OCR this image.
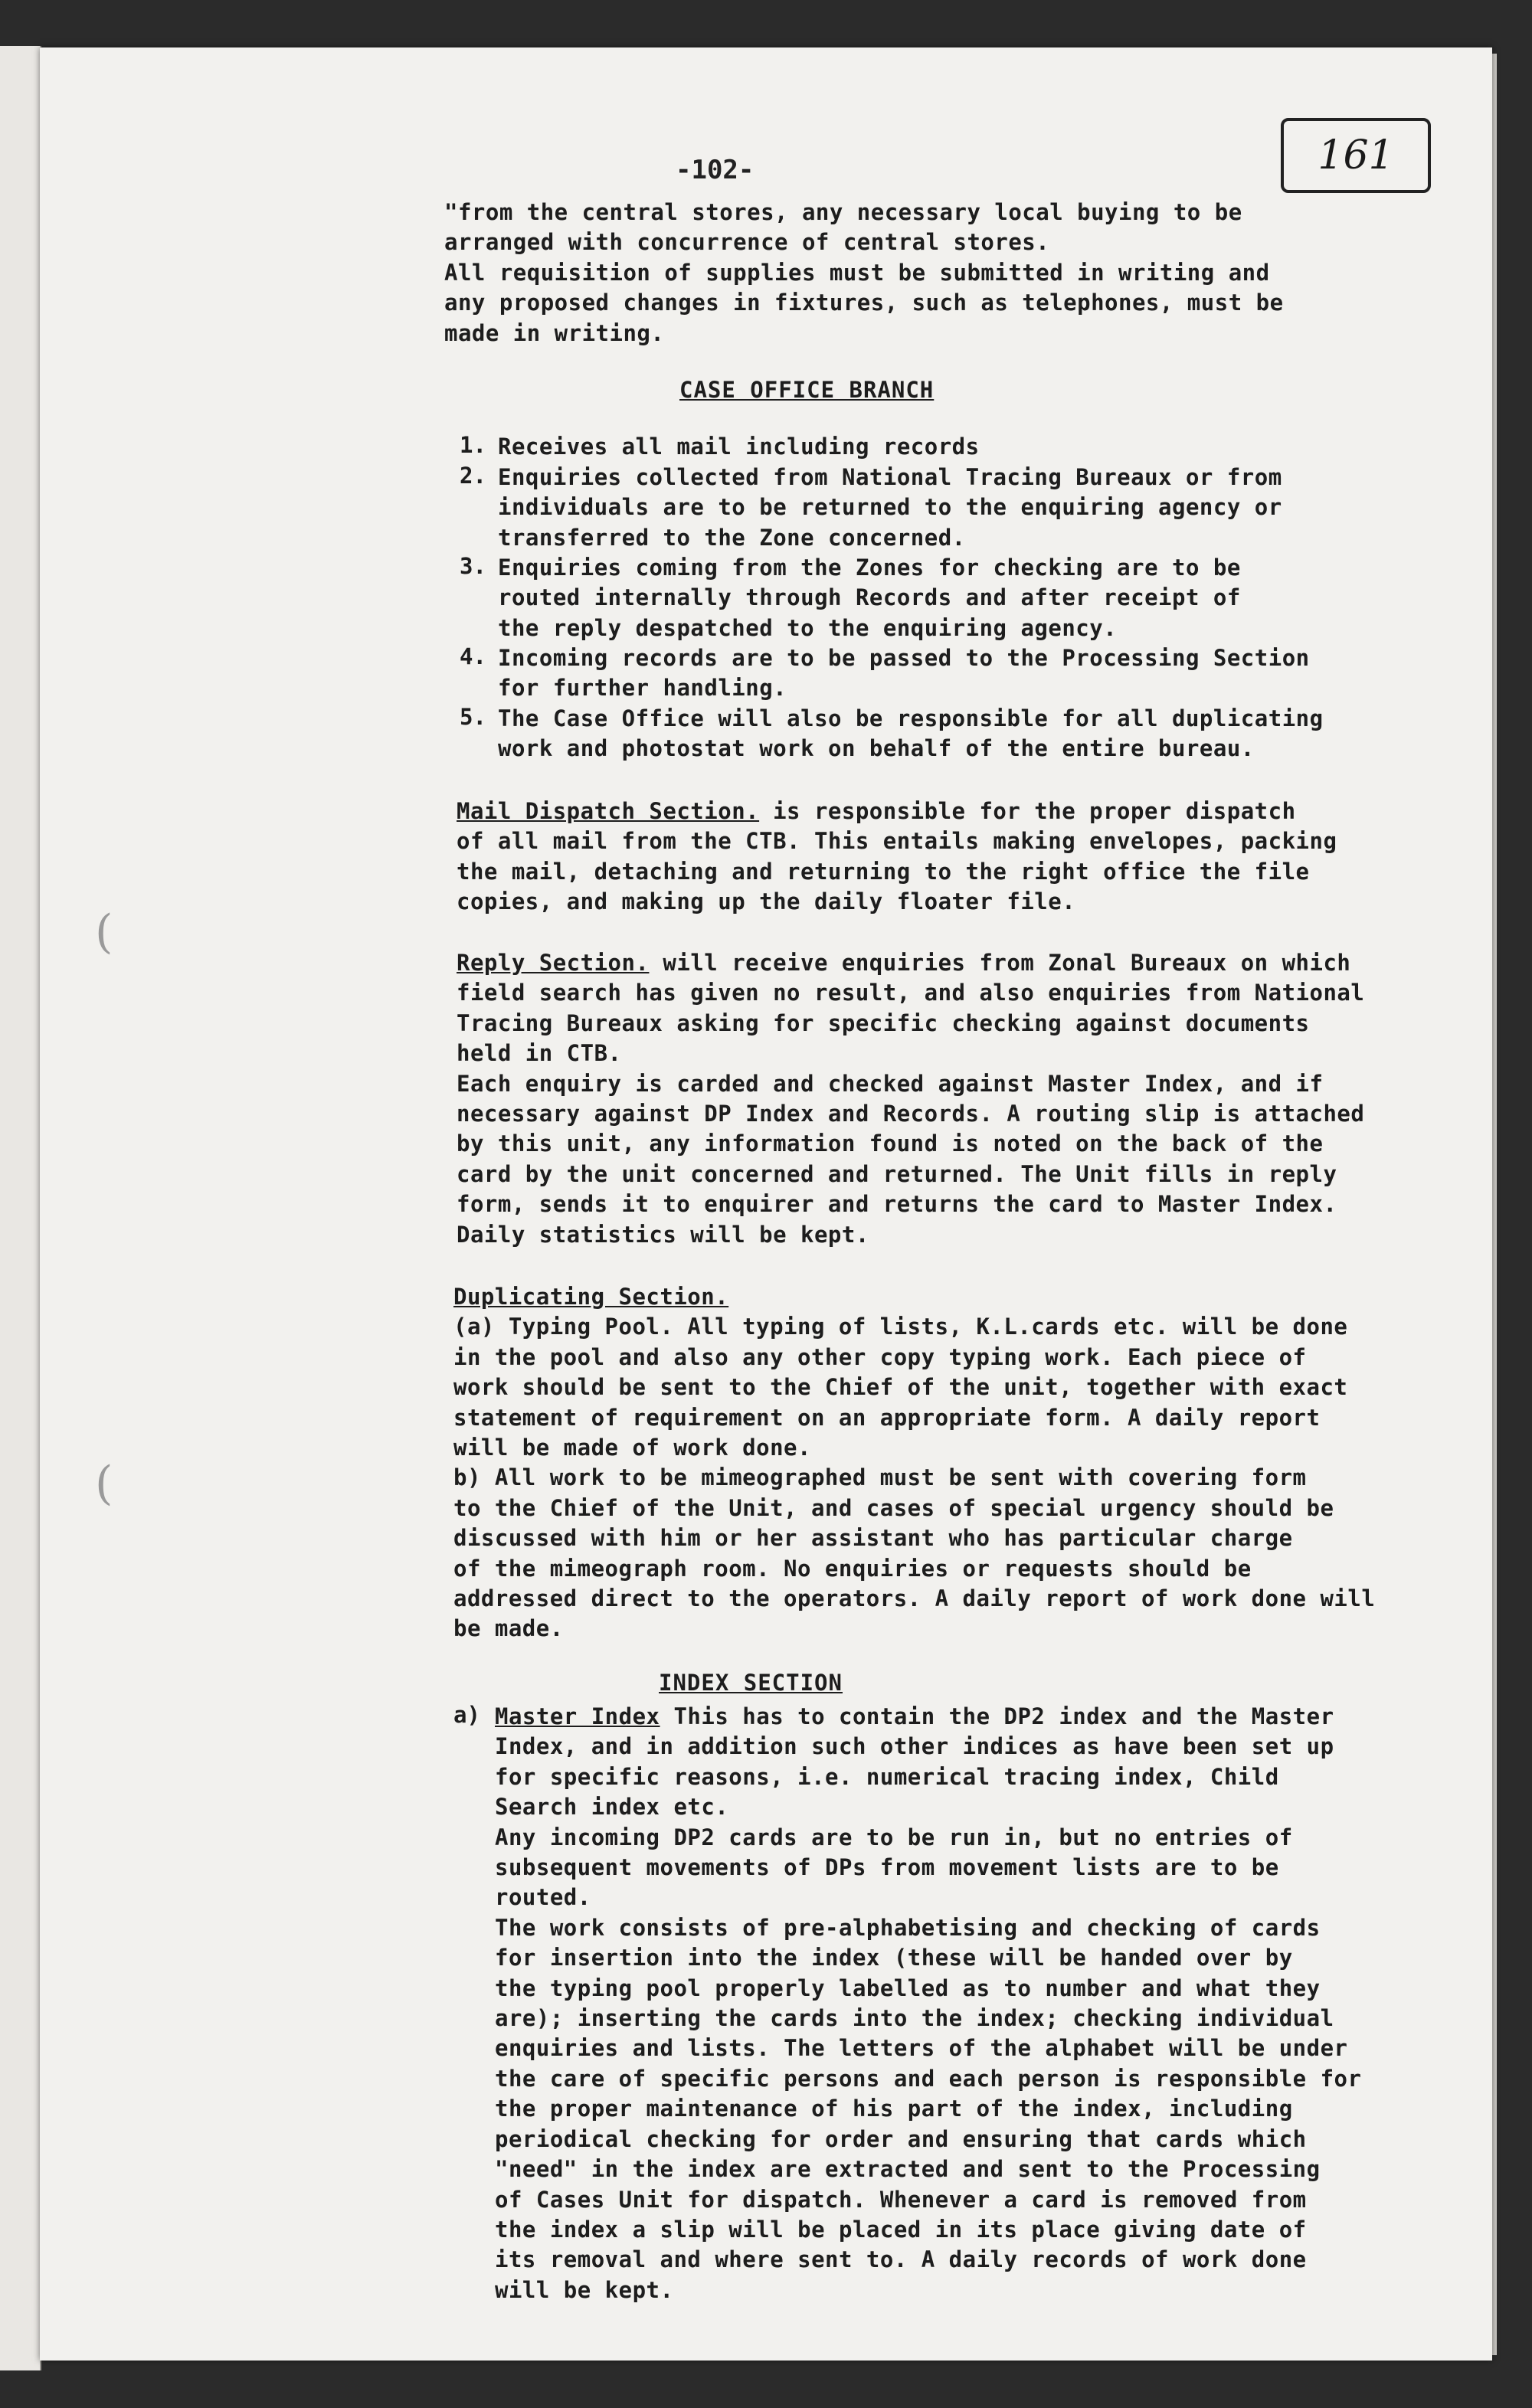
161
-102-
(
(
"from the central stores, any necessary local buying to be
arranged with concurrence of central stores.
All requisition of supplies must be submitted in writing and
any proposed changes in fixtures, such as telephones, must be
made in writing.
CASE OFFICE BRANCH
1. Receives all mail including records
2. Enquiries collected from National Tracing Bureaux or from
individuals are to be returned to the enquiring agency or
transferred to the Zone concerned.
3. Enquiries coming from the Zones for checking are to be
routed internally through Records and after receipt of
the reply despatched to the enquiring agency.
4. Incoming records are to be passed to the Processing Section
for further handling.
5. The Case Office will also be responsible for all duplicating
work and photostat work on behalf of the entire bureau.
Mail Dispatch Section. is responsible for the proper dispatch
of all mail from the CTB. This entails making envelopes, packing
the mail, detaching and returning to the right office the file
copies, and making up the daily floater file.
Reply Section. will receive enquiries from Zonal Bureaux on which
field search has given no result, and also enquiries from National
Tracing Bureaux asking for specific checking against documents
held in CTB.
Each enquiry is carded and checked against Master Index, and if
necessary against DP Index and Records. A routing slip is attached
by this unit, any information found is noted on the back of the
card by the unit concerned and returned. The Unit fills in reply
form, sends it to enquirer and returns the card to Master Index.
Daily statistics will be kept.
Duplicating Section.
(a) Typing Pool. All typing of lists, K.L.cards etc. will be done
in the pool and also any other copy typing work. Each piece of
work should be sent to the Chief of the unit, together with exact
statement of requirement on an appropriate form. A daily report
will be made of work done.
b) All work to be mimeographed must be sent with covering form
to the Chief of the Unit, and cases of special urgency should be
discussed with him or her assistant who has particular charge
of the mimeograph room. No enquiries or requests should be
addressed direct to the operators. A daily report of work done will
be made.
INDEX SECTION
a) Master Index This has to contain the DP2 index and the Master
Index, and in addition such other indices as have been set up
for specific reasons, i.e. numerical tracing index, Child
Search index etc.
Any incoming DP2 cards are to be run in, but no entries of
subsequent movements of DPs from movement lists are to be
routed.
The work consists of pre-alphabetising and checking of cards
for insertion into the index (these will be handed over by
the typing pool properly labelled as to number and what they
are); inserting the cards into the index; checking individual
enquiries and lists. The letters of the alphabet will be under
the care of specific persons and each person is responsible for
the proper maintenance of his part of the index, including
periodical checking for order and ensuring that cards which
"need" in the index are extracted and sent to the Processing
of Cases Unit for dispatch. Whenever a card is removed from
the index a slip will be placed in its place giving date of
its removal and where sent to. A daily records of work done
will be kept.
